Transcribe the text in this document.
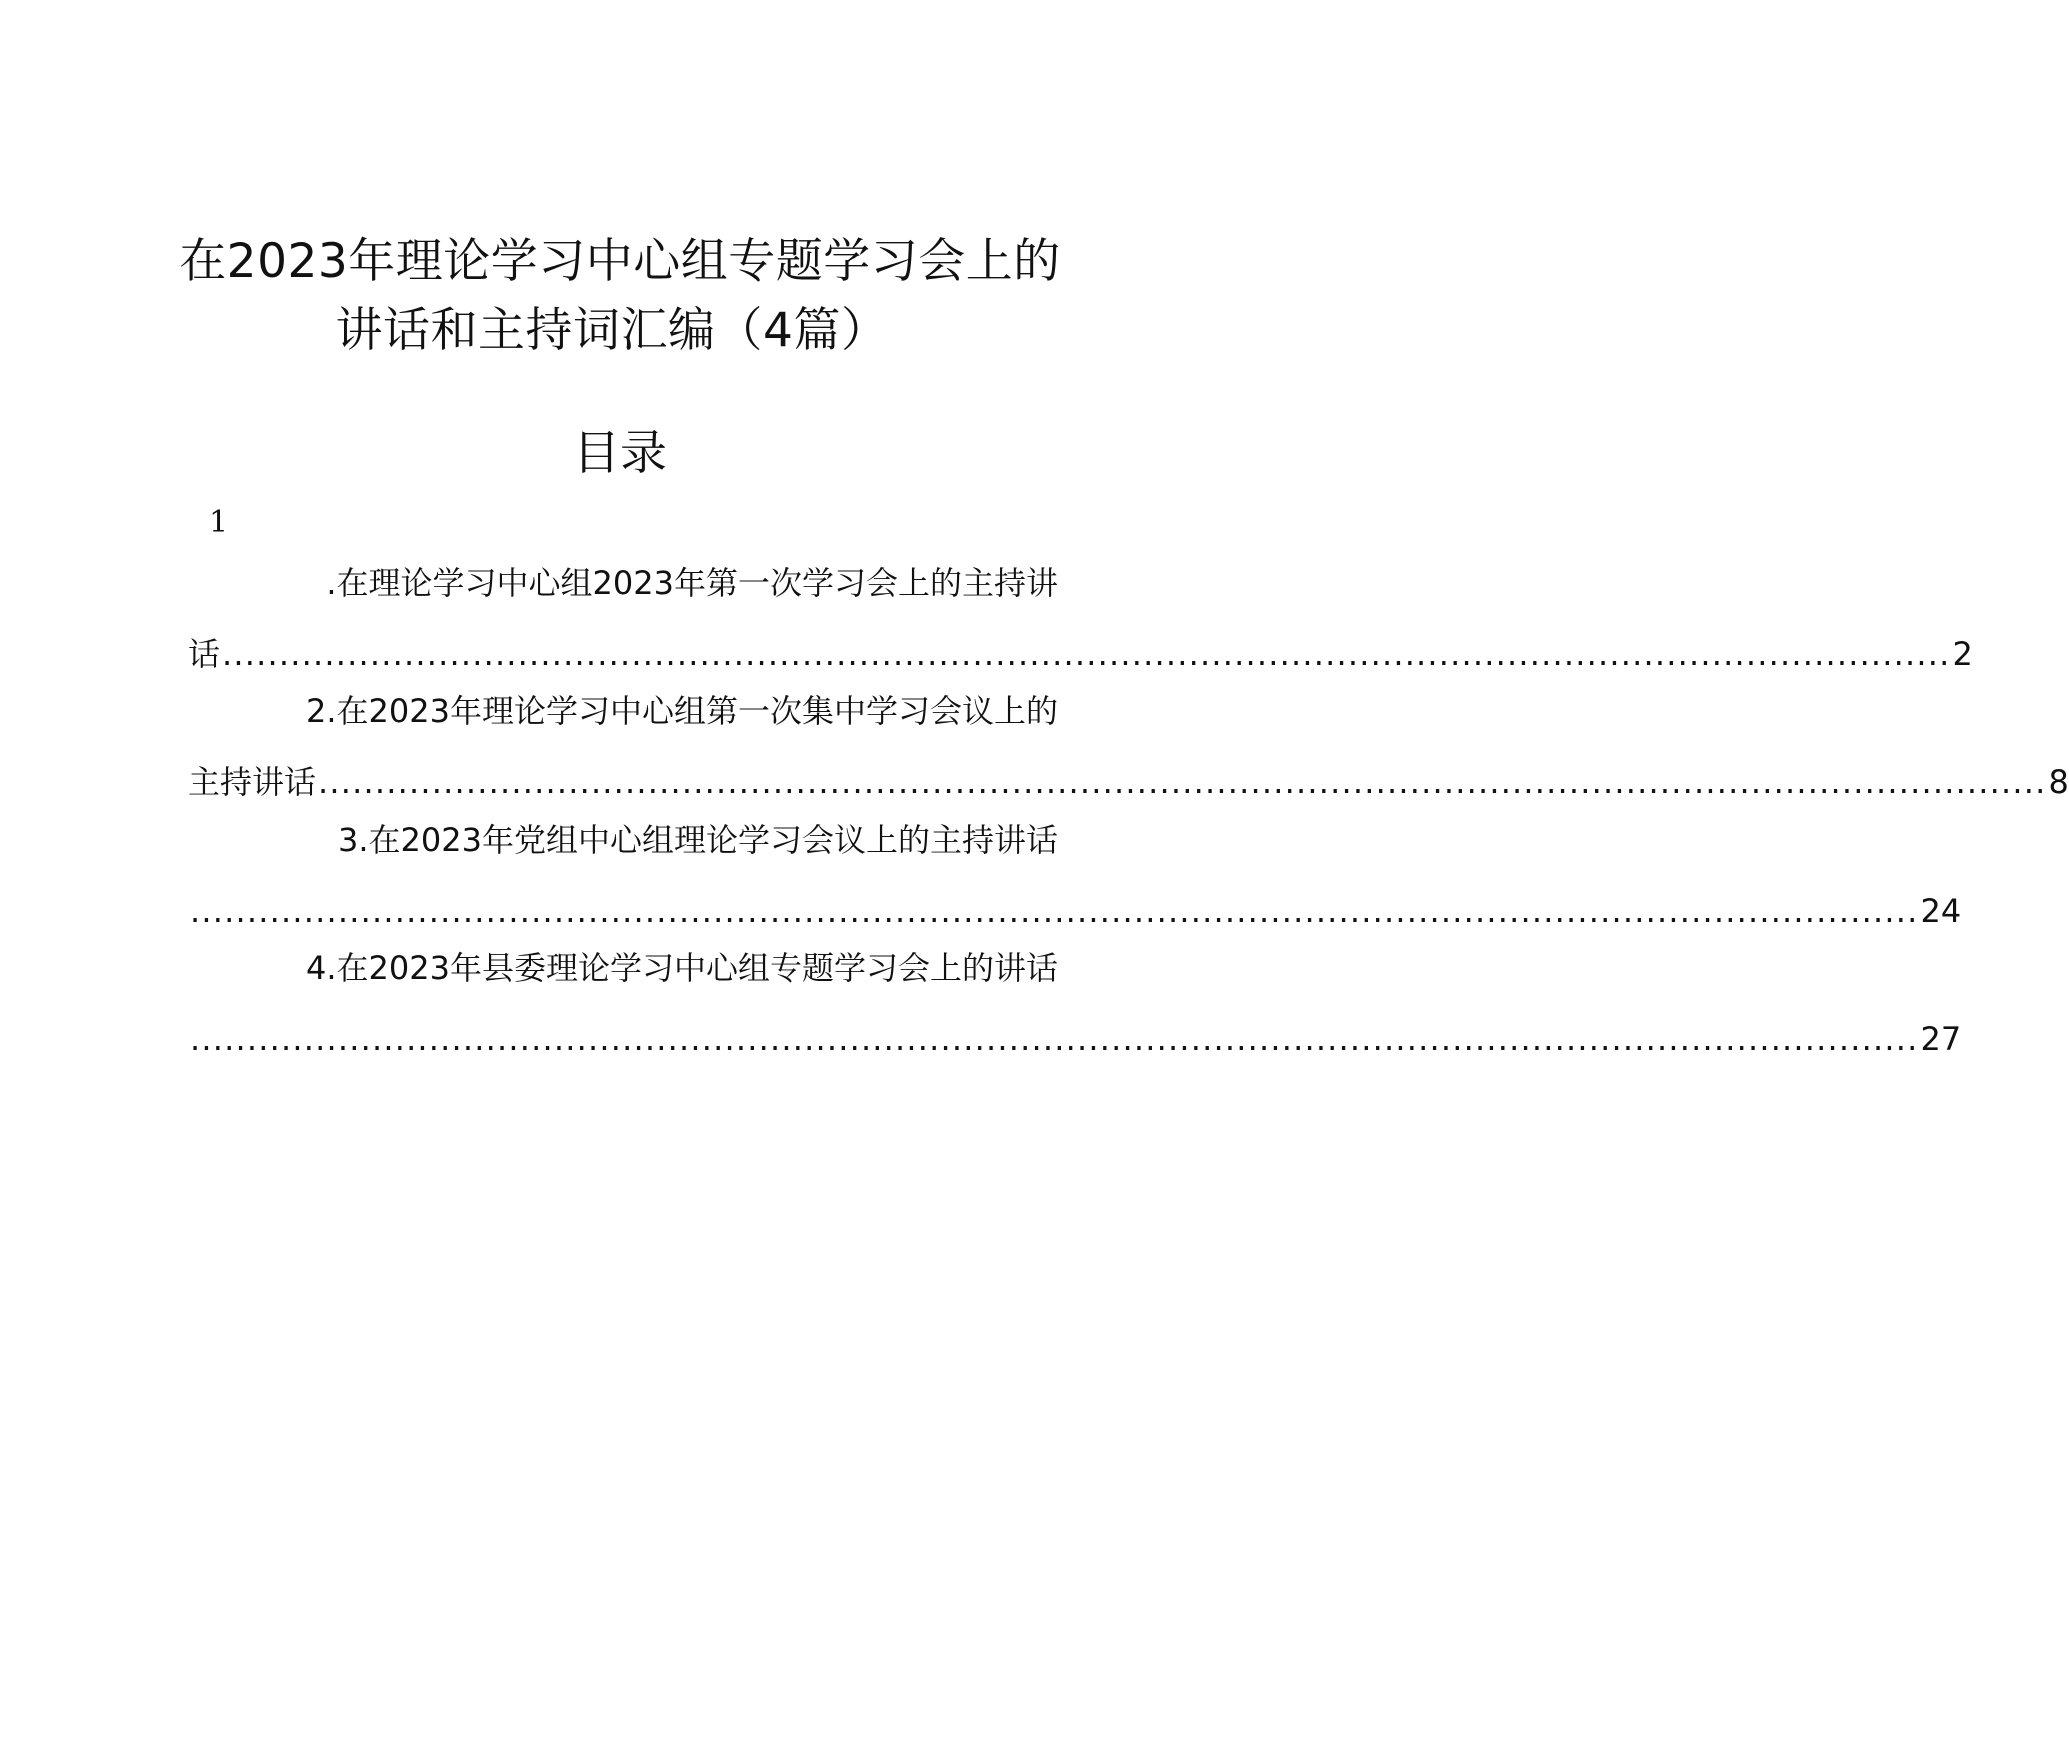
在2023年理论学习中心组专题学习会上的
讲话和主持词汇编（4篇）
目录
1
.在理论学习中心组2023年第一次学习会上的主持讲
话 ........................................................................................................................................................ 2
2.在2023年理论学习中心组第一次集中学习会议上的
主持讲话 ........................................................................................................................................................ 8
3.在2023年党组中心组理论学习会议上的主持讲话
........................................................................................................................................................ 24
4.在2023年县委理论学习中心组专题学习会上的讲话
........................................................................................................................................................ 27
